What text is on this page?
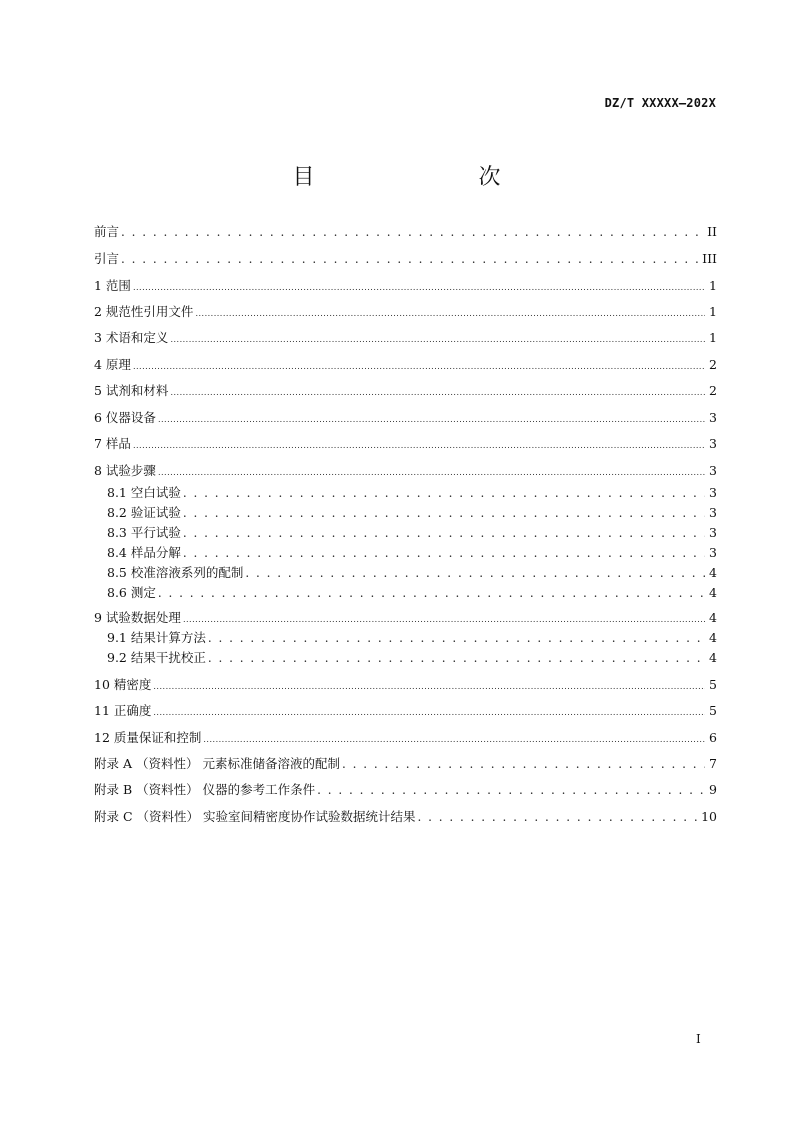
DZ/T XXXXX—202X
目　　次
前言 . . .	II
引言 . . .	III
1 范围 .....	1
2 规范性引用文件 .....	1
3 术语和定义 .....	1
4 原理 .....	2
5 试剂和材料 .....	2
6 仪器设备 .....	3
7 样品 .....	3
8 试验步骤 .....	3
8.1 空白试验 . . .	3
8.2 验证试验 . . .	3
8.3 平行试验 . . .	3
8.4 样品分解 . . .	3
8.5 校准溶液系列的配制 . . .	4
8.6 测定 . . .	4
9 试验数据处理 .....	4
9.1 结果计算方法 . . .	4
9.2 结果干扰校正 . . .	4
10 精密度 .....	5
11 正确度 .....	5
12 质量保证和控制 .....	6
附录 A （资料性） 元素标准储备溶液的配制 . . .	7
附录 B （资料性） 仪器的参考工作条件 . . .	9
附录 C （资料性） 实验室间精密度协作试验数据统计结果 . . .	10
I
